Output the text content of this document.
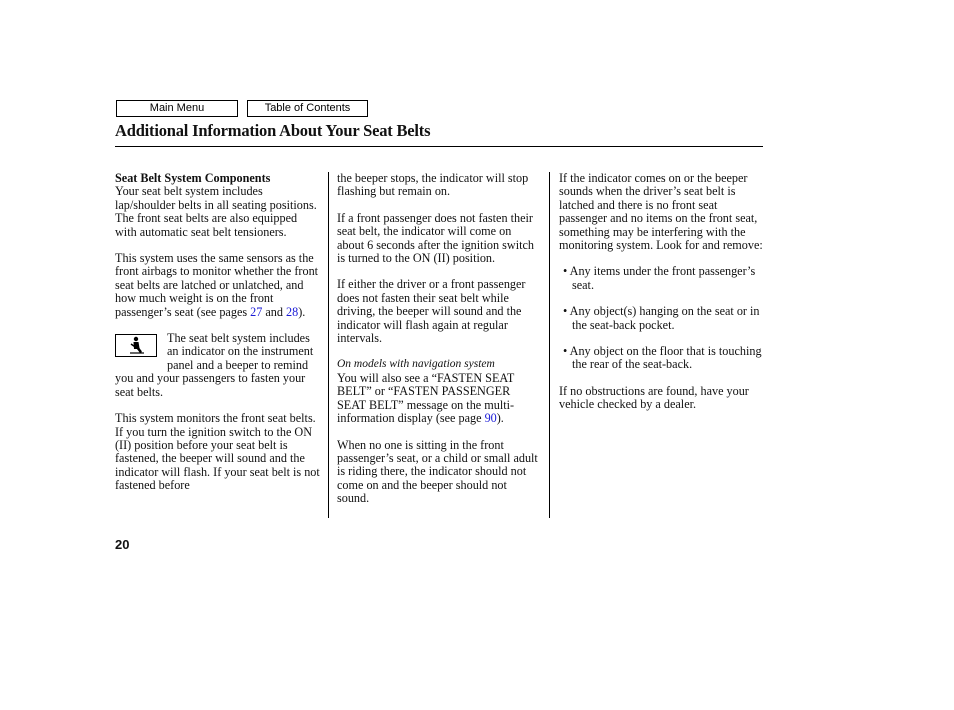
Main Menu	Table of Contents
Additional Information About Your Seat Belts
Seat Belt System Components

Your seat belt system includes lap/shoulder belts in all seating positions. The front seat belts are also equipped with automatic seat belt tensioners.

This system uses the same sensors as the front airbags to monitor whether the front seat belts are latched or unlatched, and how much weight is on the front passenger’s seat (see pages 27 and 28).

The seat belt system includes an indicator on the instrument panel and a beeper to remind you and your passengers to fasten your seat belts.

This system monitors the front seat belts. If you turn the ignition switch to the ON (II) position before your seat belt is fastened, the beeper will sound and the indicator will flash. If your seat belt is not fastened before

the beeper stops, the indicator will stop flashing but remain on.

If a front passenger does not fasten their seat belt, the indicator will come on about 6 seconds after the ignition switch is turned to the ON (II) position.

If either the driver or a front passenger does not fasten their seat belt while driving, the beeper will sound and the indicator will flash again at regular intervals.

On models with navigation system

You will also see a “FASTEN SEAT BELT” or “FASTEN PASSENGER SEAT BELT” message on the multi-information display (see page 90).

When no one is sitting in the front passenger’s seat, or a child or small adult is riding there, the indicator should not come on and the beeper should not sound.

If the indicator comes on or the beeper sounds when the driver’s seat belt is latched and there is no front seat passenger and no items on the front seat, something may be interfering with the monitoring system. Look for and remove:

• Any items under the front passenger’s seat.

• Any object(s) hanging on the seat or in the seat-back pocket.

• Any object on the floor that is touching the rear of the seat-back.

If no obstructions are found, have your vehicle checked by a dealer.

20
